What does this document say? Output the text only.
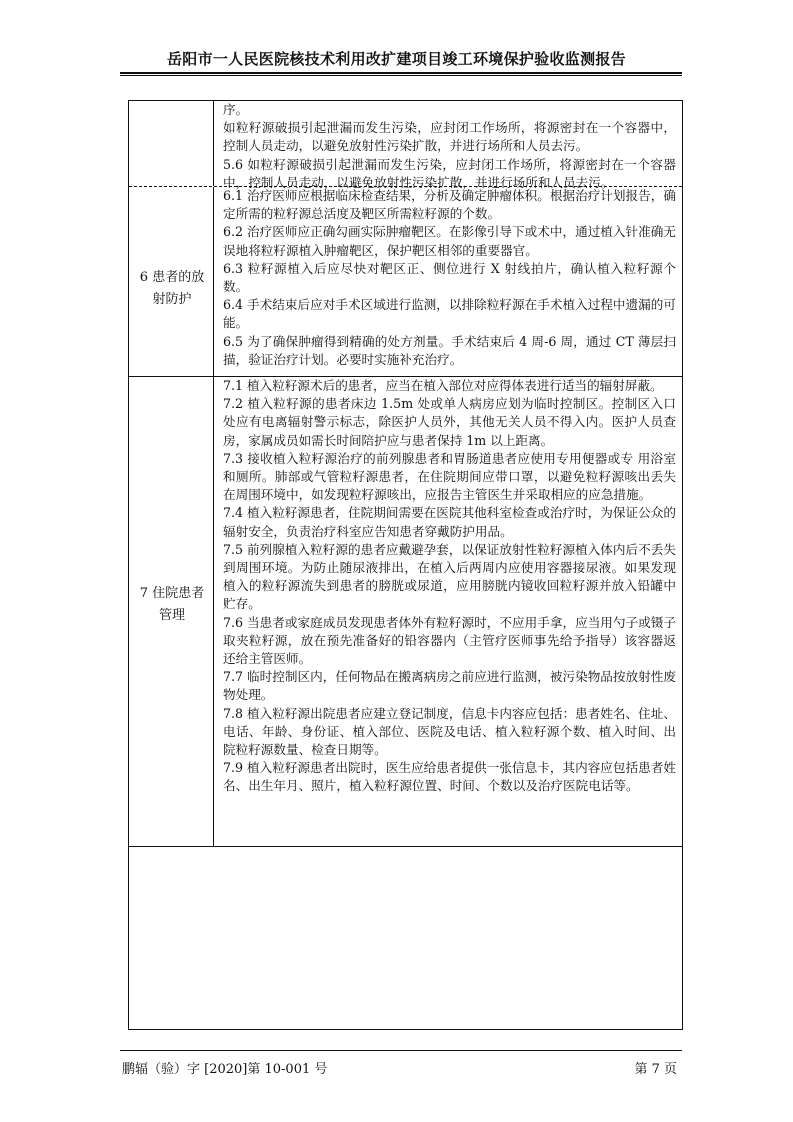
岳阳市一人民医院核技术利用改扩建项目竣工环境保护验收监测报告

序。

如粒籽源破损引起泄漏而发生污染，应封闭工作场所，将源密封在一个容器中，控制人员走动，以避免放射性污染扩散，并进行场所和人员去污。

5.6 如粒籽源破损引起泄漏而发生污染，应封闭工作场所，将源密封在一个容器中，控制人员走动，以避免放射性污染扩散，并进行场所和人员去污。

6 患者的放
射防护

6.1 治疗医师应根据临床检查结果，分析及确定肿瘤体积。根据治疗计划报告，确定所需的粒籽源总活度及靶区所需粒籽源的个数。

6.2 治疗医师应正确勾画实际肿瘤靶区。在影像引导下或术中，通过植入针准确无误地将粒籽源植入肿瘤靶区，保护靶区相邻的重要器官。

6.3 粒籽源植入后应尽快对靶区正、侧位进行 X 射线拍片，确认植入粒籽源个数。

6.4 手术结束后应对手术区域进行监测，以排除粒籽源在手术植入过程中遗漏的可能。

6.5 为了确保肿瘤得到精确的处方剂量。手术结束后 4 周-6 周，通过 CT 薄层扫描，验证治疗计划。必要时实施补充治疗。

7 住院患者
管理

7.1 植入粒籽源术后的患者，应当在植入部位对应得体表进行适当的辐射屏蔽。

7.2 植入粒籽源的患者床边 1.5m 处或单人病房应划为临时控制区。控制区入口处应有电离辐射警示标志，除医护人员外，其他无关人员不得入内。医护人员查房，家属成员如需长时间陪护应与患者保持 1m 以上距离。

7.3 接收植入粒籽源治疗的前列腺患者和胃肠道患者应使用专用便器或专 用浴室和厕所。肺部或气管粒籽源患者，在住院期间应带口罩，以避免粒籽源咳出丢失在周围环境中，如发现粒籽源咳出，应报告主管医生并采取相应的应急措施。

7.4 植入粒籽源患者，住院期间需要在医院其他科室检查或治疗时，为保证公众的辐射安全，负责治疗科室应告知患者穿戴防护用品。

7.5 前列腺植入粒籽源的患者应戴避孕套，以保证放射性粒籽源植入体内后不丢失到周围环境。为防止随尿液排出，在植入后两周内应使用容器接尿液。如果发现植入的粒籽源流失到患者的膀胱或尿道，应用膀胱内镜收回粒籽源并放入铅罐中贮存。

7.6 当患者或家庭成员发现患者体外有粒籽源时，不应用手拿，应当用勺子或镊子取夹粒籽源，放在预先准备好的铅容器内（主管疗医师事先给予指导）该容器返还给主管医师。

7.7 临时控制区内，任何物品在搬离病房之前应进行监测，被污染物品按放射性废物处理。

7.8 植入粒籽源出院患者应建立登记制度，信息卡内容应包括：患者姓名、住址、电话、年龄、身份证、植入部位、医院及电话、植入粒籽源个数、植入时间、出院粒籽源数量、检查日期等。

7.9 植入粒籽源患者出院时，医生应给患者提供一张信息卡，其内容应包括患者姓名、出生年月、照片，植入粒籽源位置、时间、个数以及治疗医院电话等。

鹏辐（验）字 [2020]第 10-001 号	第 7 页
